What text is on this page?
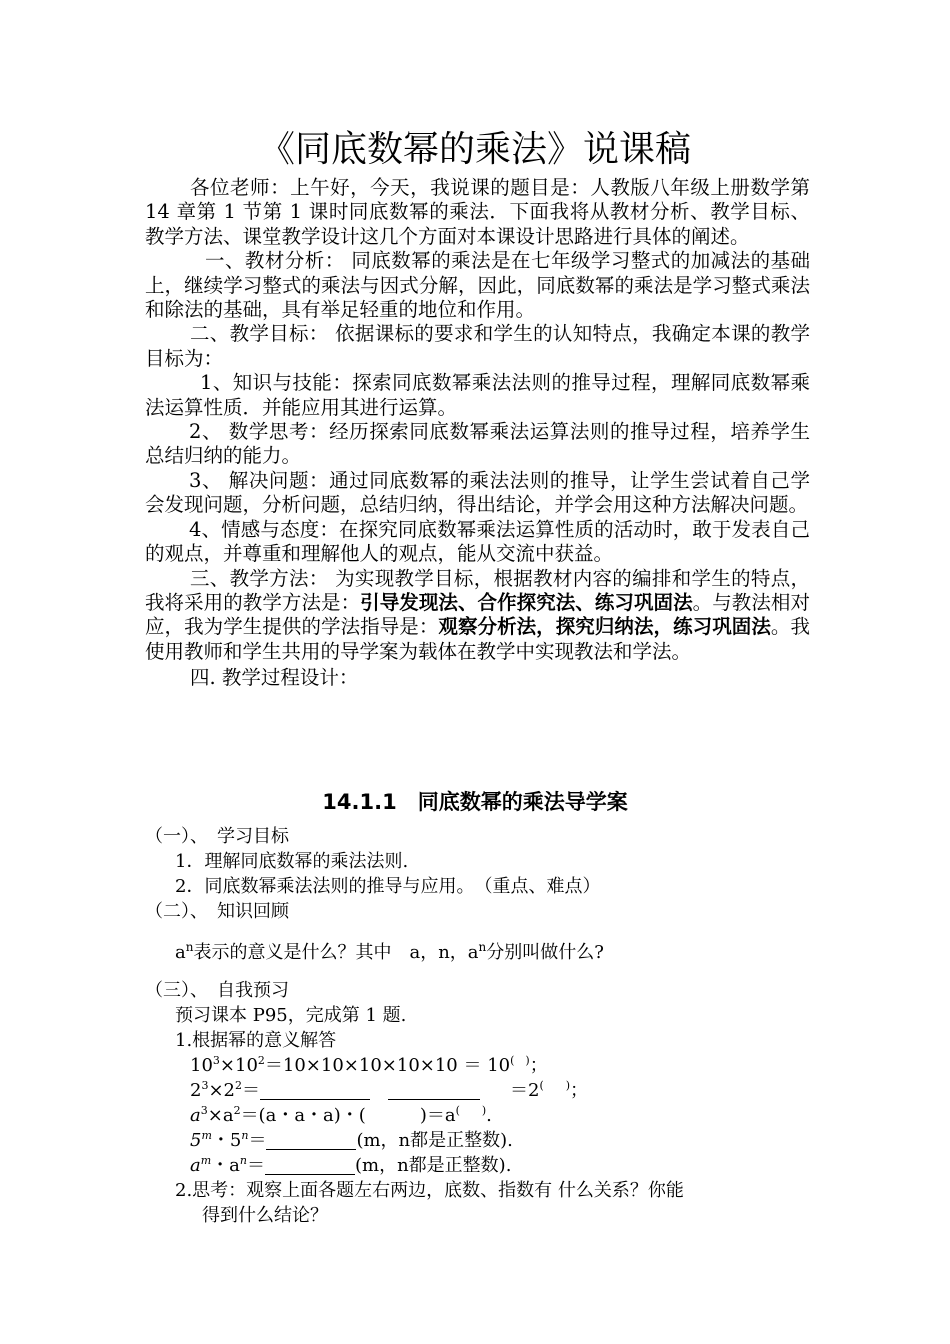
《同底数幂的乘法》说课稿

各位老师：上午好，今天，我说课的题目是：人教版八年级上册数学第 14 章第 1 节第 1 课时同底数幂的乘法．下面我将从教材分析、教学目标、教学方法、课堂教学设计这几个方面对本课设计思路进行具体的阐述。

一、教材分析： 同底数幂的乘法是在七年级学习整式的加减法的基础上，继续学习整式的乘法与因式分解，因此，同底数幂的乘法是学习整式乘法和除法的基础，具有举足轻重的地位和作用。

二、教学目标： 依据课标的要求和学生的认知特点，我确定本课的教学目标为：

1、知识与技能：探索同底数幂乘法法则的推导过程，理解同底数幂乘法运算性质．并能应用其进行运算。

2、 数学思考：经历探索同底数幂乘法运算法则的推导过程，培养学生总结归纳的能力。

3、 解决问题：通过同底数幂的乘法法则的推导，让学生尝试着自己学会发现问题，分析问题，总结归纳，得出结论，并学会用这种方法解决问题。

4、情感与态度：在探究同底数幂乘法运算性质的活动时，敢于发表自己的观点，并尊重和理解他人的观点，能从交流中获益。

三、教学方法： 为实现教学目标，根据教材内容的编排和学生的特点，我将采用的教学方法是：引导发现法、合作探究法、练习巩固法。与教法相对应，我为学生提供的学法指导是：观察分析法，探究归纳法，练习巩固法。我使用教师和学生共用的导学案为载体在教学中实现教法和学法。

四. 教学过程设计：

14.1.1　同底数幂的乘法导学案
（一）、　学习目标
1．理解同底数幂的乘法法则.
2．同底数幂乘法法则的推导与应用。　（重点、难点）
（二）、　知识回顾
$a^n$表示的意义是什么？其中　a，n，$a^n$分别叫做什么?
（三）、　自我预习
预习课本 P95，完成第 1 题.
1.根据幂的意义解答
$10^3\times 10^2=10\times 10\times 10\times 10\times 10 = 10^{( )}$；
$2^3\times 2^2=$	＝2(　　)；
$a^3\times a^2=(a$・a・a)・(　　　)＝a(　　).
5$^m$・$5^n=$	(m，n都是正整数).
$a^m$・$a^n=$	(m，n都是正整数).
2.思考：观察上面各题左右两边，底数、指数有 什么关系？你能
得到什么结论？
